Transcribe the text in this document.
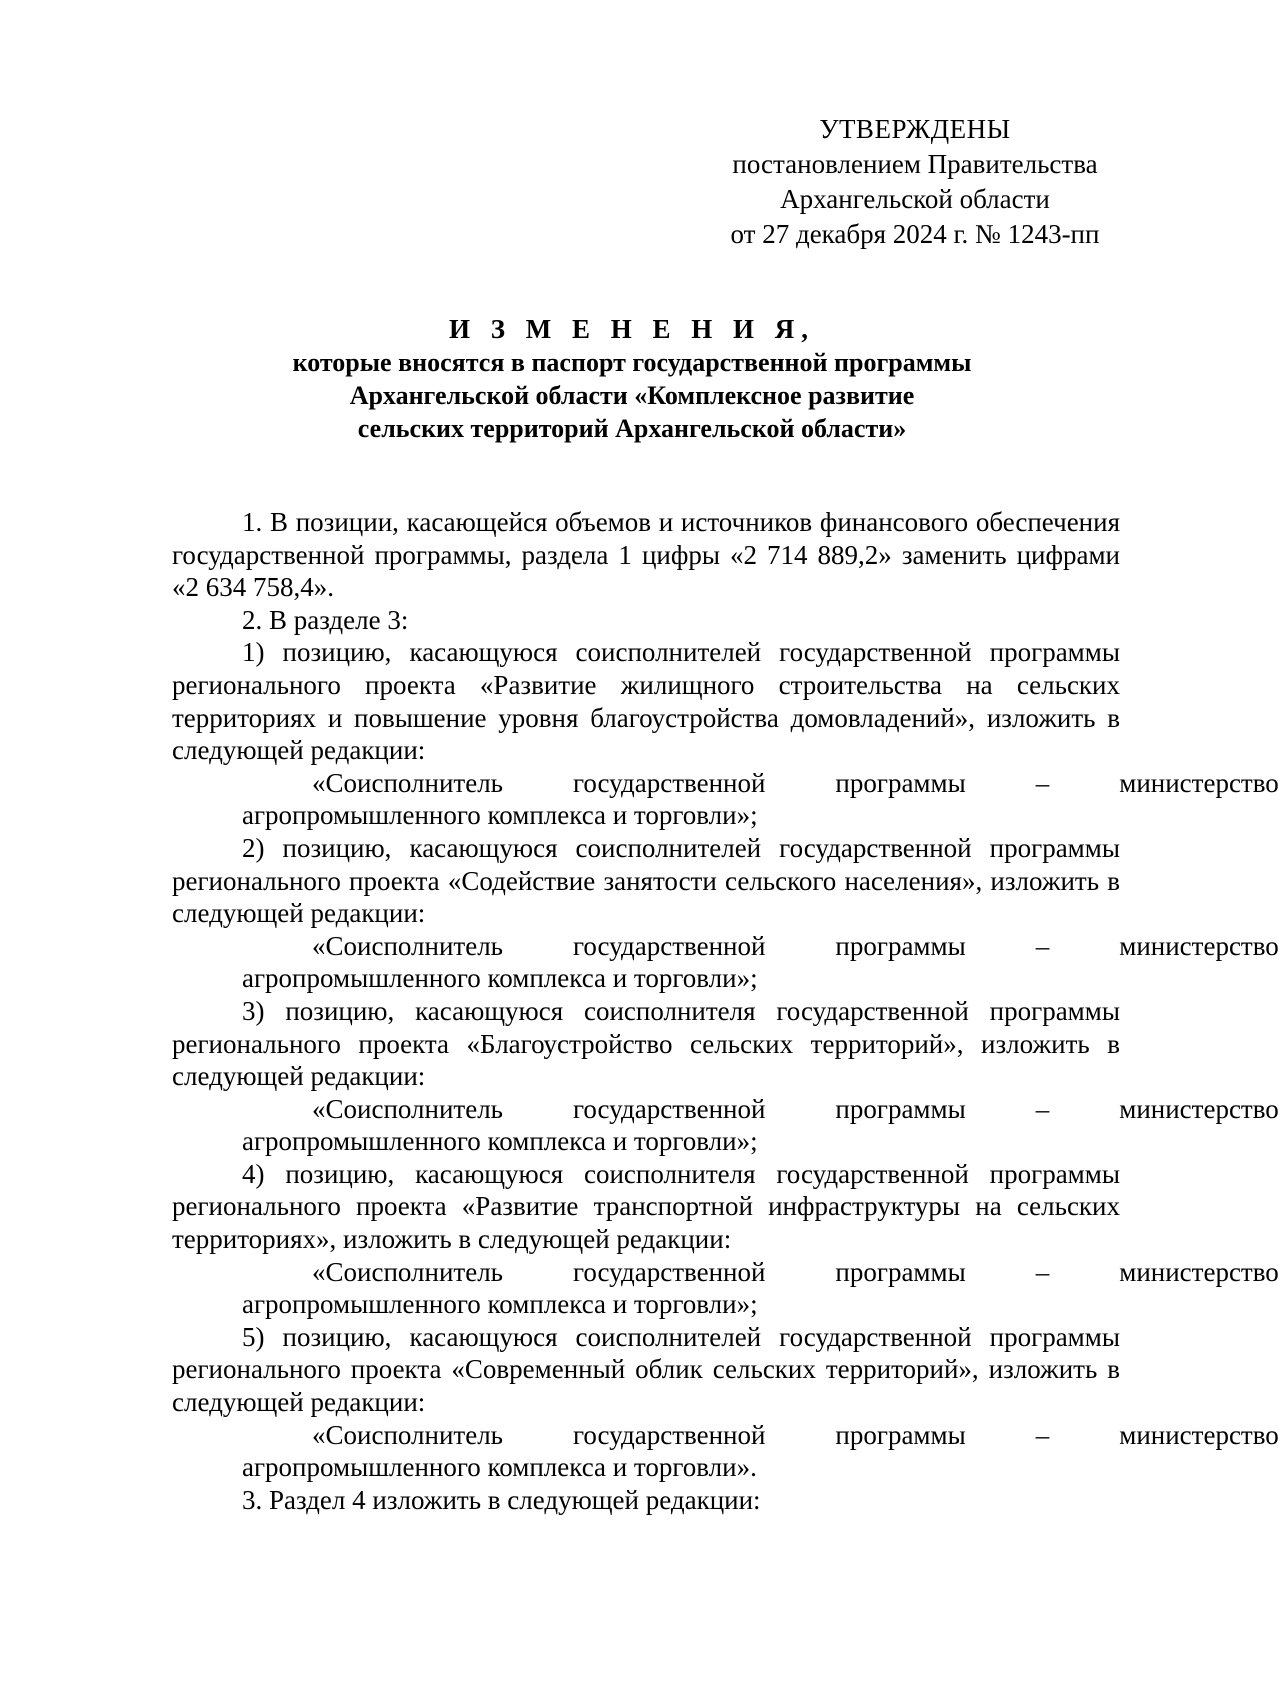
УТВЕРЖДЕНЫ
постановлением Правительства
Архангельской области
от 27 декабря 2024 г. № 1243-пп
И З М Е Н Е Н И Я,
которые вносятся в паспорт государственной программы
Архангельской области «Комплексное развитие
сельских территорий Архангельской области»

1. В позиции, касающейся объемов и источников финансового обеспечения государственной программы, раздела 1 цифры «2 714 889,2» заменить цифрами «2 634 758,4».

2. В разделе 3:

1) позицию, касающуюся соисполнителей государственной программы регионального проекта «Развитие жилищного строительства на сельских территориях и повышение уровня благоустройства домовладений», изложить в следующей редакции:

«Соисполнитель	государственной	программы	–	министерство
агропромышленного комплекса и торговли»;

2) позицию, касающуюся соисполнителей государственной программы регионального проекта «Содействие занятости сельского населения», изложить в следующей редакции:

«Соисполнитель	государственной	программы	–	министерство
агропромышленного комплекса и торговли»;

3) позицию, касающуюся соисполнителя государственной программы регионального проекта «Благоустройство сельских территорий», изложить в следующей редакции:

«Соисполнитель	государственной	программы	–	министерство
агропромышленного комплекса и торговли»;

4) позицию, касающуюся соисполнителя государственной программы регионального проекта «Развитие транспортной инфраструктуры на сельских территориях», изложить в следующей редакции:

«Соисполнитель	государственной	программы	–	министерство
агропромышленного комплекса и торговли»;

5) позицию, касающуюся соисполнителей государственной программы регионального проекта «Современный облик сельских территорий», изложить в следующей редакции:

«Соисполнитель	государственной	программы	–	министерство
агропромышленного комплекса и торговли».

3. Раздел 4 изложить в следующей редакции:
